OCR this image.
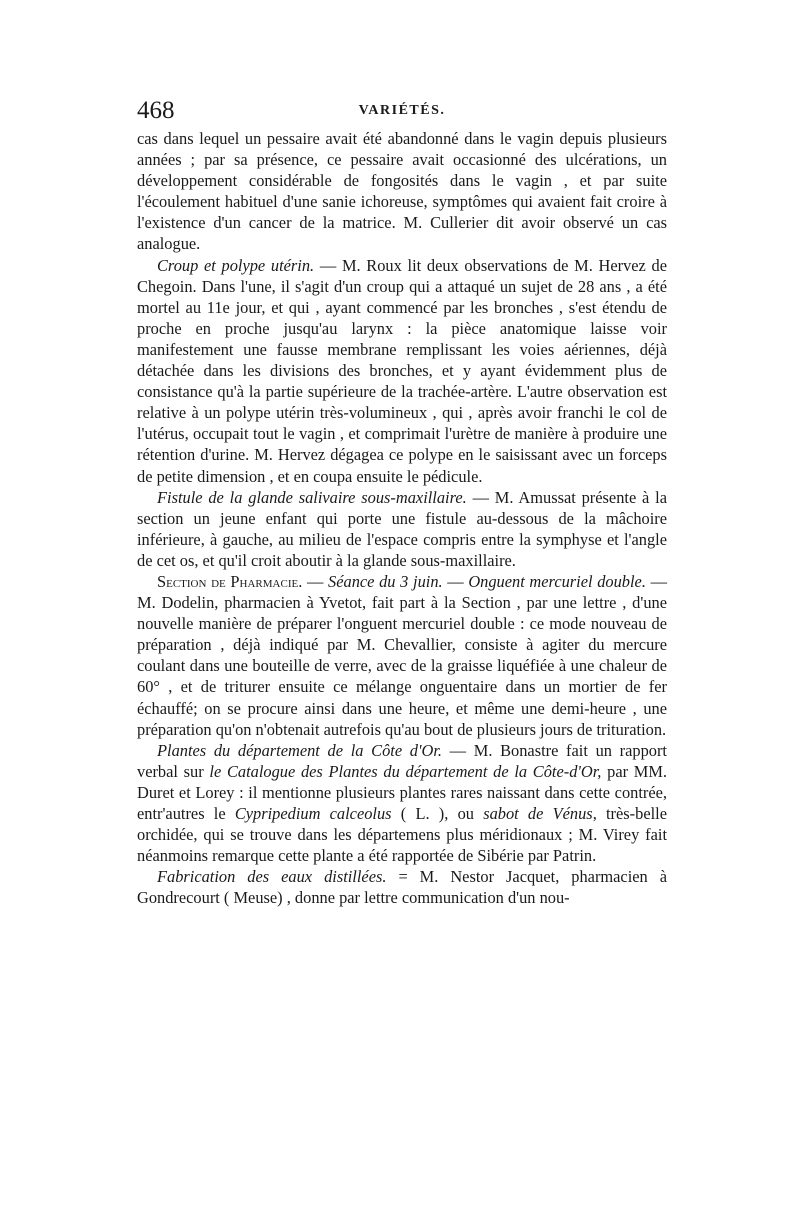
468	VARIÉTÉS.

cas dans lequel un pessaire avait été abandonné dans le vagin depuis plusieurs années ; par sa présence, ce pessaire avait occasionné des ulcérations, un développement considérable de fongosités dans le vagin , et par suite l'écoulement habituel d'une sanie ichoreuse, symptômes qui avaient fait croire à l'existence d'un cancer de la matrice. M. Cullerier dit avoir observé un cas analogue.

Croup et polype utérin. — M. Roux lit deux observations de M. Hervez de Chegoin. Dans l'une, il s'agit d'un croup qui a attaqué un sujet de 28 ans , a été mortel au 11e jour, et qui , ayant commencé par les bronches , s'est étendu de proche en proche jusqu'au larynx : la pièce anatomique laisse voir manifestement une fausse membrane remplissant les voies aériennes, déjà détachée dans les divisions des bronches, et y ayant évidemment plus de consistance qu'à la partie supérieure de la trachée-artère. L'autre observation est relative à un polype utérin très-volumineux , qui , après avoir franchi le col de l'utérus, occupait tout le vagin , et comprimait l'urètre de manière à produire une rétention d'urine. M. Hervez dégagea ce polype en le saisissant avec un forceps de petite dimension , et en coupa ensuite le pédicule.

Fistule de la glande salivaire sous-maxillaire. — M. Amussat présente à la section un jeune enfant qui porte une fistule au-dessous de la mâchoire inférieure, à gauche, au milieu de l'espace compris entre la symphyse et l'angle de cet os, et qu'il croit aboutir à la glande sous-maxillaire.

Section de Pharmacie. — Séance du 3 juin. — Onguent mercuriel double. — M. Dodelin, pharmacien à Yvetot, fait part à la Section , par une lettre , d'une nouvelle manière de préparer l'onguent mercuriel double : ce mode nouveau de préparation , déjà indiqué par M. Chevallier, consiste à agiter du mercure coulant dans une bouteille de verre, avec de la graisse liquéfiée à une chaleur de 60° , et de triturer ensuite ce mélange onguentaire dans un mortier de fer échauffé; on se procure ainsi dans une heure, et même une demi-heure , une préparation qu'on n'obtenait autrefois qu'au bout de plusieurs jours de trituration.

Plantes du département de la Côte d'Or. — M. Bonastre fait un rapport verbal sur le Catalogue des Plantes du département de la Côte-d'Or, par MM. Duret et Lorey : il mentionne plusieurs plantes rares naissant dans cette contrée, entr'autres le Cypripedium calceolus ( L. ), ou sabot de Vénus, très-belle orchidée, qui se trouve dans les départemens plus méridionaux ; M. Virey fait néanmoins remarque cette plante a été rapportée de Sibérie par Patrin.

Fabrication des eaux distillées. = M. Nestor Jacquet, pharmacien à Gondrecourt ( Meuse) , donne par lettre communication d'un nou-
